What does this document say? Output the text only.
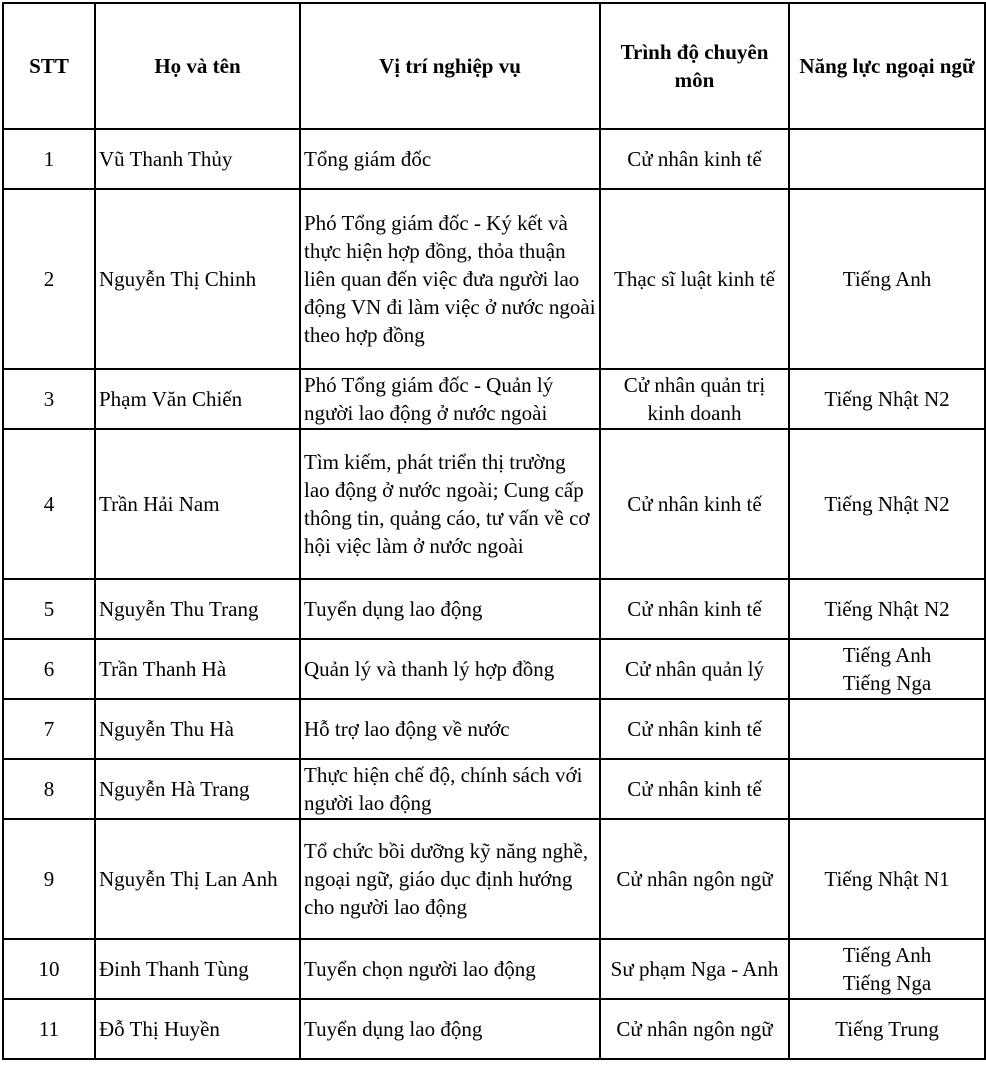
STT	Họ và tên	Vị trí nghiệp vụ	Trình độ chuyên môn	Năng lực ngoại ngữ
1	Vũ Thanh Thủy	Tổng giám đốc	Cử nhân kinh tế	
2	Nguyễn Thị Chinh	Phó Tổng giám đốc - Ký kết và thực hiện hợp đồng, thỏa thuận liên quan đến việc đưa người lao động VN đi làm việc ở nước ngoài theo hợp đồng	Thạc sĩ luật kinh tế	Tiếng Anh
3	Phạm Văn Chiến	Phó Tổng giám đốc - Quản lý người lao động ở nước ngoài	Cử nhân quản trị kinh doanh	Tiếng Nhật N2
4	Trần Hải Nam	Tìm kiếm, phát triển thị trường lao động ở nước ngoài; Cung cấp thông tin, quảng cáo, tư vấn về cơ hội việc làm ở nước ngoài	Cử nhân kinh tế	Tiếng Nhật N2
5	Nguyễn Thu Trang	Tuyển dụng lao động	Cử nhân kinh tế	Tiếng Nhật N2
6	Trần Thanh Hà	Quản lý và thanh lý hợp đồng	Cử nhân quản lý	Tiếng Anh
Tiếng Nga
7	Nguyễn Thu Hà	Hỗ trợ lao động về nước	Cử nhân kinh tế	
8	Nguyễn Hà Trang	Thực hiện chế độ, chính sách với người lao động	Cử nhân kinh tế	
9	Nguyễn Thị Lan Anh	Tổ chức bồi dưỡng kỹ năng nghề, ngoại ngữ, giáo dục định hướng cho người lao động	Cử nhân ngôn ngữ	Tiếng Nhật N1
10	Đinh Thanh Tùng	Tuyển chọn người lao động	Sư phạm Nga - Anh	Tiếng Anh
Tiếng Nga
11	Đỗ Thị Huyền	Tuyển dụng lao động	Cử nhân ngôn ngữ	Tiếng Trung
